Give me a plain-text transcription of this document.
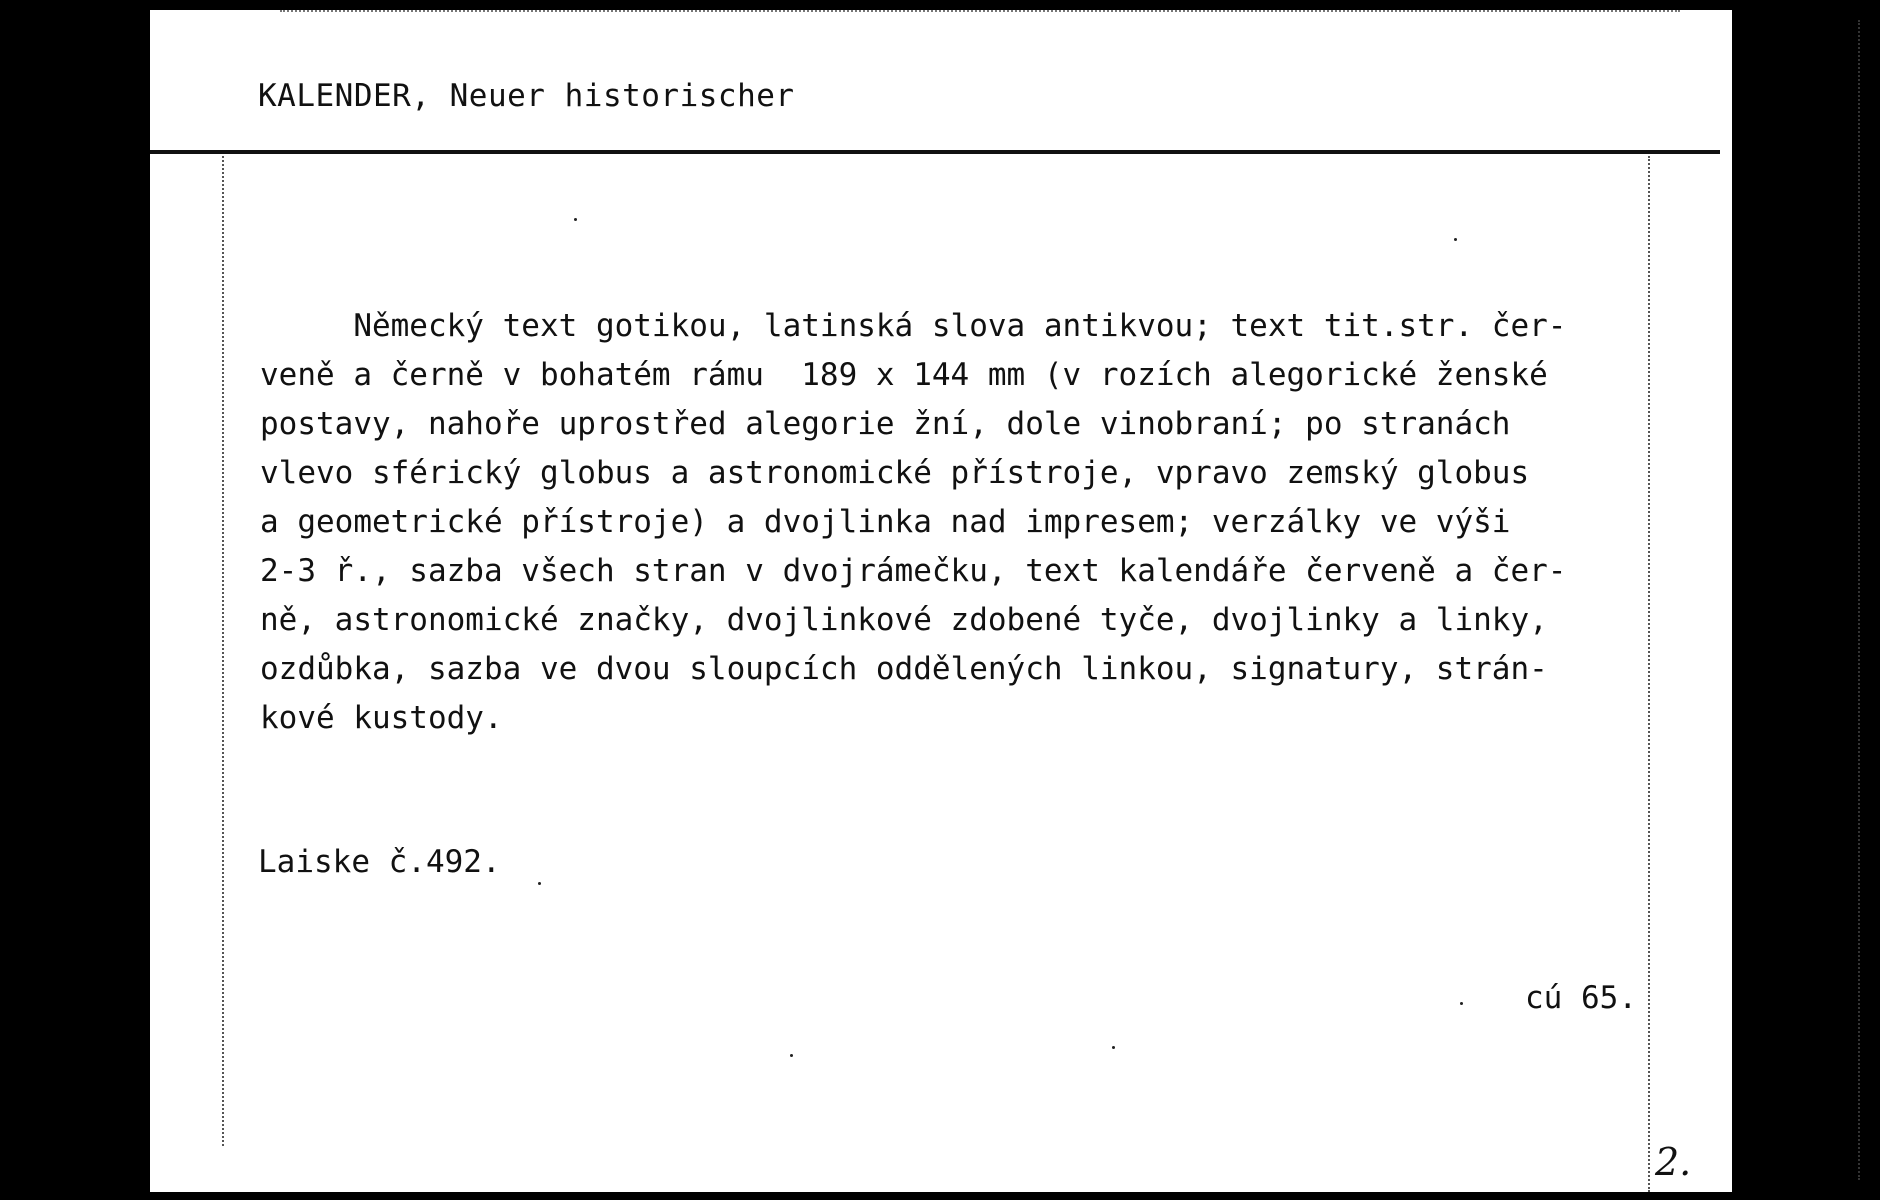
KALENDER, Neuer historischer

Německý text gotikou, latinská slova antikvou; text tit.str. čer-
veně a černě v bohatém rámu  189 x 144 mm (v rozích alegorické ženské
postavy, nahoře uprostřed alegorie žní, dole vinobraní; po stranách
vlevo sférický globus a astronomické přístroje, vpravo zemský globus
a geometrické přístroje) a dvojlinka nad impresem; verzálky ve výši
2-3 ř., sazba všech stran v dvojrámečku, text kalendáře červeně a čer-
ně, astronomické značky, dvojlinkové zdobené tyče, dvojlinky a linky,
ozdůbka, sazba ve dvou sloupcích oddělených linkou, signatury, strán-
kové kustody.

Laiske č.492.
cú 65.
2.
